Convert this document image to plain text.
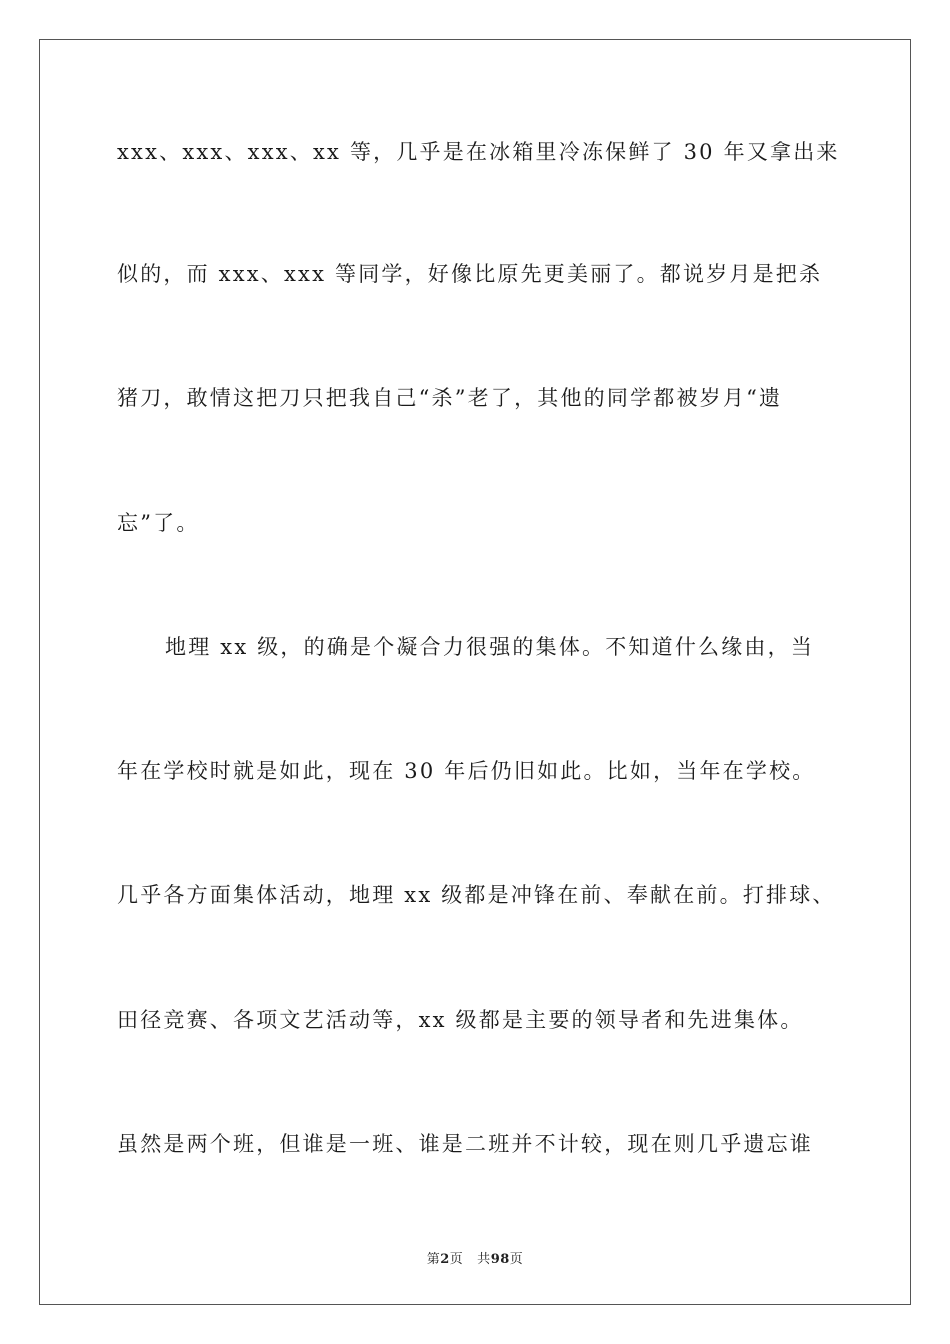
xxx、xxx、xxx、xx 等，几乎是在冰箱里冷冻保鲜了 30 年又拿出来
似的，而 xxx、xxx 等同学，好像比原先更美丽了。都说岁月是把杀
猪刀，敢情这把刀只把我自己“杀”老了，其他的同学都被岁月“遗
忘”了。
地理 xx 级，的确是个凝合力很强的集体。不知道什么缘由，当
年在学校时就是如此，现在 30 年后仍旧如此。比如，当年在学校。
几乎各方面集体活动，地理 xx 级都是冲锋在前、奉献在前。打排球、
田径竞赛、各项文艺活动等，xx 级都是主要的领导者和先进集体。
虽然是两个班，但谁是一班、谁是二班并不计较，现在则几乎遗忘谁
第2页 共98页
